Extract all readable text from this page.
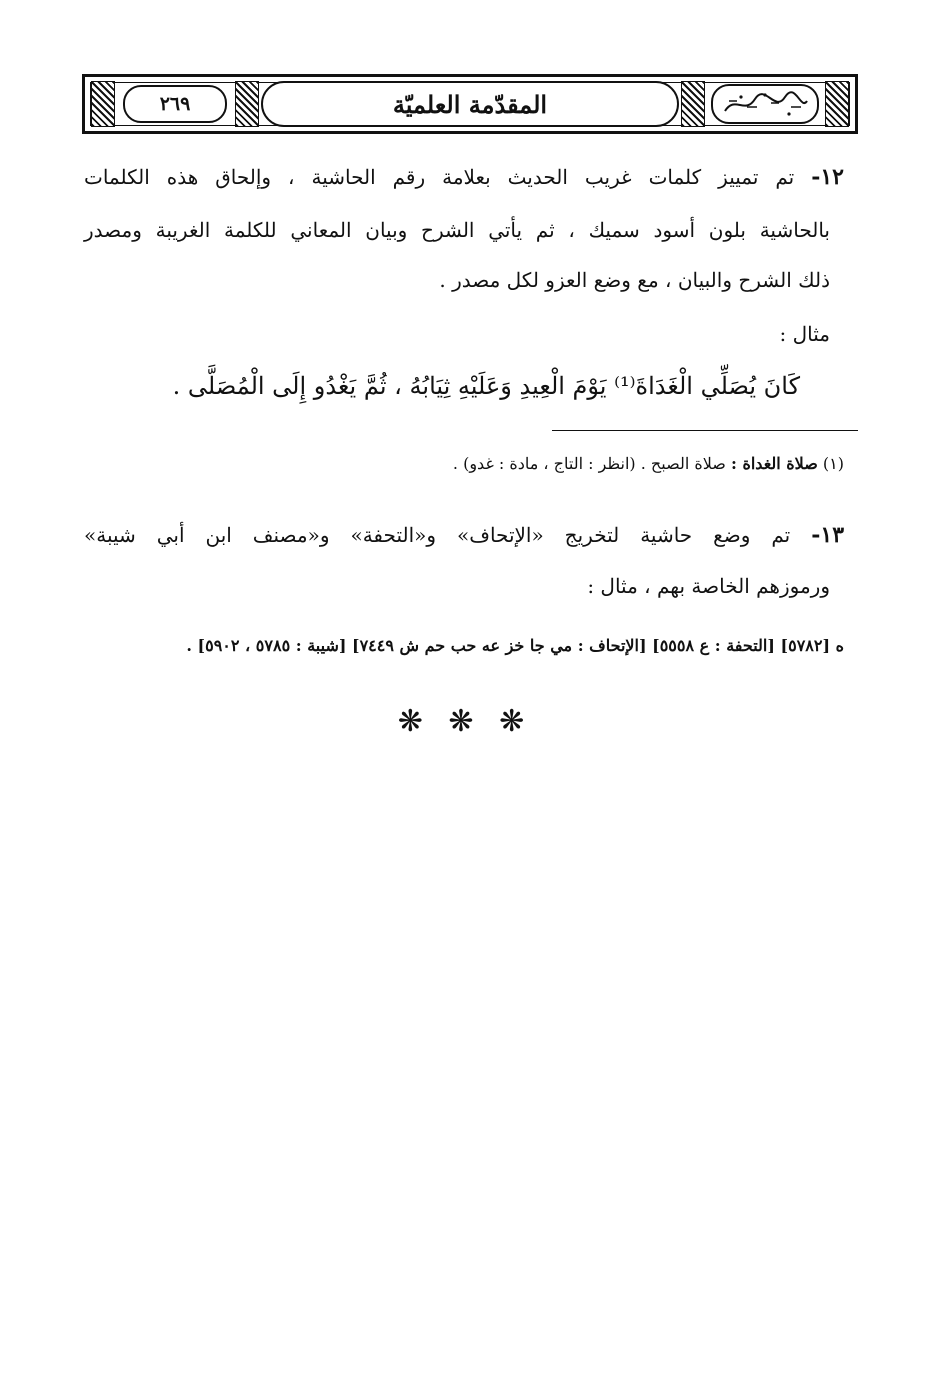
٢٦٩	المقدّمة العلميّة
١٢- تم تمييز كلمات غريب الحديث بعلامة رقم الحاشية ، وإلحاق هذه الكلمات
بالحاشية بلون أسود سميك ، ثم يأتي الشرح وبيان المعاني للكلمة الغريبة ومصدر
ذلك الشرح والبيان ، مع وضع العزو لكل مصدر .
مثال :
كَانَ يُصَلِّي الْغَدَاةَ⁽¹⁾ يَوْمَ الْعِيدِ وَعَلَيْهِ ثِيَابُهُ ، ثُمَّ يَغْدُو إِلَى الْمُصَلَّى .
(١) صلاة الغداة : صلاة الصبح . (انظر : التاج ، مادة : غدو) .
١٣- تم وضع حاشية لتخريج «الإتحاف» و«التحفة» و«مصنف ابن أبي شيبة»
ورموزهم الخاصة بهم ، مثال :
ه [٥٧٨٢] [التحفة : ع ٥٥٥٨] [الإتحاف : مي جا خز عه حب حم ش ٧٤٤٩] [شيبة : ٥٧٨٥ ، ٥٩٠٢] .
❋ ❋ ❋
